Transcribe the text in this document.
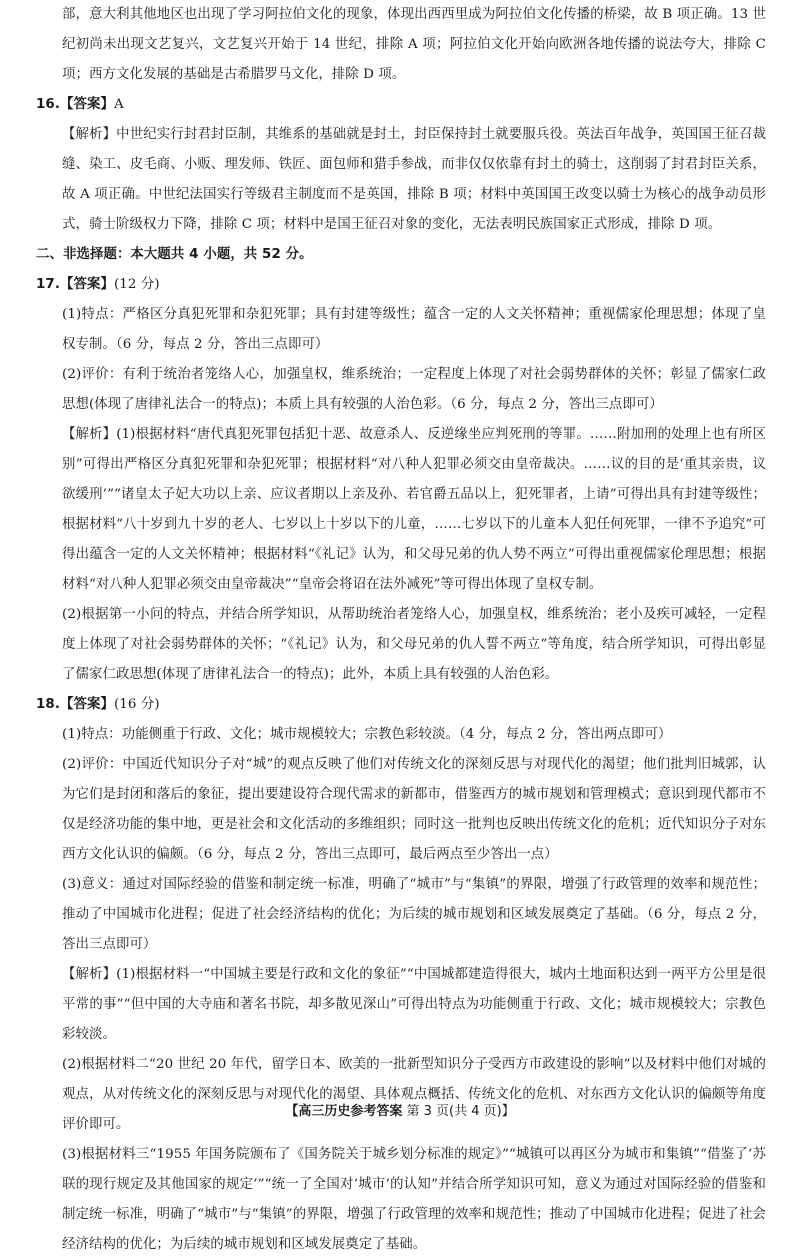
部，意大利其他地区也出现了学习阿拉伯文化的现象，体现出西西里成为阿拉伯文化传播的桥梁，故 B 项正确。13 世纪初尚未出现文艺复兴，文艺复兴开始于 14 世纪，排除 A 项；阿拉伯文化开始向欧洲各地传播的说法夸大，排除 C 项；西方文化发展的基础是古希腊罗马文化，排除 D 项。

16.【答案】A

【解析】中世纪实行封君封臣制，其维系的基础就是封土，封臣保持封土就要服兵役。英法百年战争，英国国王征召裁缝、染工、皮毛商、小贩、理发师、铁匠、面包师和猎手参战，而非仅仅依靠有封土的骑士，这削弱了封君封臣关系，故 A 项正确。中世纪法国实行等级君主制度而不是英国，排除 B 项；材料中英国国王改变以骑士为核心的战争动员形式，骑士阶级权力下降，排除 C 项；材料中是国王征召对象的变化，无法表明民族国家正式形成，排除 D 项。

二、非选择题：本大题共 4 小题，共 52 分。

17.【答案】(12 分)

(1)特点：严格区分真犯死罪和杂犯死罪；具有封建等级性；蕴含一定的人文关怀精神；重视儒家伦理思想；体现了皇权专制。（6 分，每点 2 分，答出三点即可）

(2)评价：有利于统治者笼络人心，加强皇权，维系统治；一定程度上体现了对社会弱势群体的关怀；彰显了儒家仁政思想(体现了唐律礼法合一的特点)；本质上具有较强的人治色彩。（6 分，每点 2 分，答出三点即可）

【解析】(1)根据材料“唐代真犯死罪包括犯十恶、故意杀人、反逆缘坐应判死刑的等罪。……附加刑的处理上也有所区别”可得出严格区分真犯死罪和杂犯死罪；根据材料“对八种人犯罪必须交由皇帝裁决。……议的目的是‘重其亲贵，议欲缓刑’”“诸皇太子妃大功以上亲、应议者期以上亲及孙、若官爵五品以上，犯死罪者，上请”可得出具有封建等级性；根据材料“八十岁到九十岁的老人、七岁以上十岁以下的儿童，……七岁以下的儿童本人犯任何死罪，一律不予追究”可得出蕴含一定的人文关怀精神；根据材料“《礼记》认为，和父母兄弟的仇人势不两立”可得出重视儒家伦理思想；根据材料“对八种人犯罪必须交由皇帝裁决”“皇帝会将诏在法外减死”等可得出体现了皇权专制。

(2)根据第一小问的特点，并结合所学知识，从帮助统治者笼络人心，加强皇权，维系统治；老小及疾可减轻，一定程度上体现了对社会弱势群体的关怀；“《礼记》认为，和父母兄弟的仇人誓不两立”等角度，结合所学知识，可得出彰显了儒家仁政思想(体现了唐律礼法合一的特点)；此外，本质上具有较强的人治色彩。

18.【答案】(16 分)

(1)特点：功能侧重于行政、文化；城市规模较大；宗教色彩较淡。（4 分，每点 2 分，答出两点即可）

(2)评价：中国近代知识分子对“城”的观点反映了他们对传统文化的深刻反思与对现代化的渴望；他们批判旧城郭，认为它们是封闭和落后的象征，提出要建设符合现代需求的新都市，借鉴西方的城市规划和管理模式；意识到现代都市不仅是经济功能的集中地，更是社会和文化活动的多维组织；同时这一批判也反映出传统文化的危机；近代知识分子对东西方文化认识的偏颇。（6 分，每点 2 分，答出三点即可，最后两点至少答出一点）

(3)意义：通过对国际经验的借鉴和制定统一标准，明确了“城市”与“集镇”的界限，增强了行政管理的效率和规范性；推动了中国城市化进程；促进了社会经济结构的优化；为后续的城市规划和区域发展奠定了基础。（6 分，每点 2 分，答出三点即可）

【解析】(1)根据材料一“中国城主要是行政和文化的象征”“中国城都建造得很大，城内土地面积达到一两平方公里是很平常的事”“但中国的大寺庙和著名书院，却多散见深山”可得出特点为功能侧重于行政、文化；城市规模较大；宗教色彩较淡。

(2)根据材料二“20 世纪 20 年代，留学日本、欧美的一批新型知识分子受西方市政建设的影响”以及材料中他们对城的观点，从对传统文化的深刻反思与对现代化的渴望、具体观点概括、传统文化的危机、对东西方文化认识的偏颇等角度评价即可。

(3)根据材料三“1955 年国务院颁布了《国务院关于城乡划分标准的规定》”“城镇可以再区分为城市和集镇”“借鉴了‘苏联的现行规定及其他国家的规定’”“统一了全国对‘城市’的认知”并结合所学知识可知，意义为通过对国际经验的借鉴和制定统一标准，明确了“城市”与“集镇”的界限，增强了行政管理的效率和规范性；推动了中国城市化进程；促进了社会经济结构的优化；为后续的城市规划和区域发展奠定了基础。

【高三历史参考答案 第 3 页(共 4 页)】
